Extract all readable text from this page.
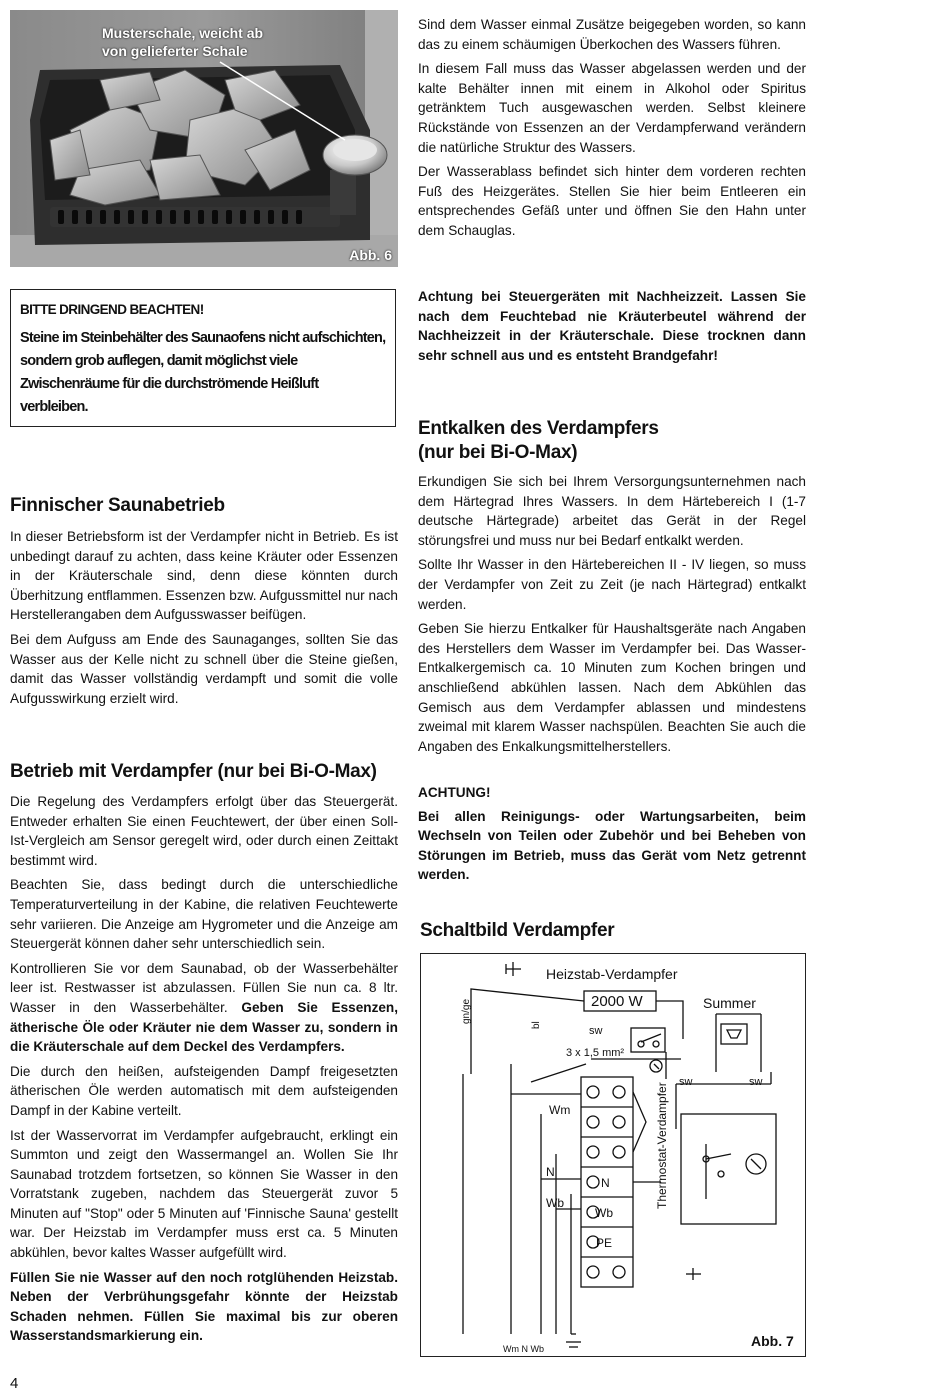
Musterschale, weicht ab
von gelieferter Schale
Abb. 6

Sind dem Wasser einmal Zusätze beigegeben worden, so kann das zu einem schäumigen Überkochen des Wassers führen.

In diesem Fall muss das Wasser abgelassen werden und der kalte Behälter innen mit einem in Alkohol oder Spiritus getränktem Tuch ausgewaschen werden. Selbst kleinere Rückstände von Essenzen an der Verdampferwand verändern die natürliche Struktur des Wassers.

Der Wasserablass befindet sich hinter dem vorderen rechten Fuß des Heizgerätes. Stellen Sie hier beim Entleeren ein entsprechendes Gefäß unter und öffnen Sie den Hahn unter dem Schauglas.

BITTE DRINGEND BEACHTEN!
Steine im Steinbehälter des Saunaofens nicht aufschichten, sondern grob auflegen, damit möglichst viele Zwischenräume für die durchströmende Heißluft verbleiben.
Achtung bei Steuergeräten mit Nachheizzeit. Lassen Sie nach dem Feuchtebad nie Kräuterbeutel während der Nachheizzeit in der Kräuterschale. Diese trocknen dann sehr schnell aus und es entsteht Brandgefahr!
Entkalken des Verdampfers
(nur bei Bi-O-Max)

Erkundigen Sie sich bei Ihrem Versorgungsunternehmen nach dem Härtegrad Ihres Wassers. In dem Härtebereich I (1-7 deutsche Härtegrade) arbeitet das Gerät in der Regel störungsfrei und muss nur bei Bedarf entkalkt werden.

Sollte Ihr Wasser in den Härtebereichen II - IV liegen, so muss der Verdampfer von Zeit zu Zeit (je nach Härtegrad) entkalkt werden.

Geben Sie hierzu Entkalker für Haushaltsgeräte nach Angaben des Herstellers dem Wasser im Verdampfer bei. Das Wasser-Entkalkergemisch ca. 10 Minuten zum Kochen bringen und anschließend abkühlen lassen. Nach dem Abkühlen das Gemisch aus dem Verdampfer ablassen und mindestens zweimal mit klarem Wasser nachspülen. Beachten Sie auch die Angaben des Enkalkungsmittelherstellers.

ACHTUNG!

Bei allen Reinigungs- oder Wartungsarbeiten, beim Wechseln von Teilen oder Zubehör und bei Beheben von Störungen im Betrieb, muss das Gerät vom Netz getrennt werden.

Finnischer Saunabetrieb

In dieser Betriebsform ist der Verdampfer nicht in Betrieb. Es ist unbedingt darauf zu achten, dass keine Kräuter oder Essenzen in der Kräuterschale sind, denn diese könnten durch Überhitzung entflammen. Essenzen bzw. Aufgussmittel nur nach Herstellerangaben dem Aufgusswasser beifügen.

Bei dem Aufguss am Ende des Saunaganges, sollten Sie das Wasser aus der Kelle nicht zu schnell über die Steine gießen, damit das Wasser vollständig verdampft und somit die volle Aufgusswirkung erzielt wird.

Betrieb mit Verdampfer (nur bei Bi-O-Max)

Die Regelung des Verdampfers erfolgt über das Steuergerät. Entweder erhalten Sie einen Feuchtewert, der über einen Soll-Ist-Vergleich am Sensor geregelt wird, oder durch einen Zeittakt bestimmt wird.

Beachten Sie, dass bedingt durch die unterschiedliche Temperaturverteilung in der Kabine, die relativen Feuchtewerte sehr variieren. Die Anzeige am Hygrometer und die Anzeige am Steuergerät können daher sehr unterschiedlich sein.

Kontrollieren Sie vor dem Saunabad, ob der Wasserbehälter leer ist. Restwasser ist abzulassen. Füllen Sie nun ca. 8 ltr. Wasser in den Wasserbehälter. Geben Sie Essenzen, ätherische Öle oder Kräuter nie dem Wasser zu, sondern in die Kräuterschale auf dem Deckel des Verdampfers.

Die durch den heißen, aufsteigenden Dampf freigesetzten ätherischen Öle werden automatisch mit dem aufsteigenden Dampf in der Kabine verteilt.

Ist der Wasservorrat im Verdampfer aufgebraucht, erklingt ein Summton und zeigt den Wassermangel an. Wollen Sie Ihr Saunabad trotzdem fortsetzen, so können Sie Wasser in den Vorratstank zugeben, nachdem das Steuergerät zuvor 5 Minuten auf "Stop" oder 5 Minuten auf 'Finnische Sauna' gestellt war. Der Heizstab im Verdampfer muss erst ca. 5 Minuten abkühlen, bevor kaltes Wasser aufgefüllt wird.

Füllen Sie nie Wasser auf den noch rotglühenden Heizstab. Neben der Verbrühungsgefahr könnte der Heizstab Schaden nehmen. Füllen Sie maximal bis zur oberen Wasserstandsmarkierung ein.

Schaltbild Verdampfer
Heizstab-Verdampfer
2000 W	Summer
gn/ge
bl	sw
3 x 1,5 mm²
sw	sw
Wm
N
Wb
N
Wb
PE
Thermostat-Verdampfer
Wm N Wb	Abb. 7
4
